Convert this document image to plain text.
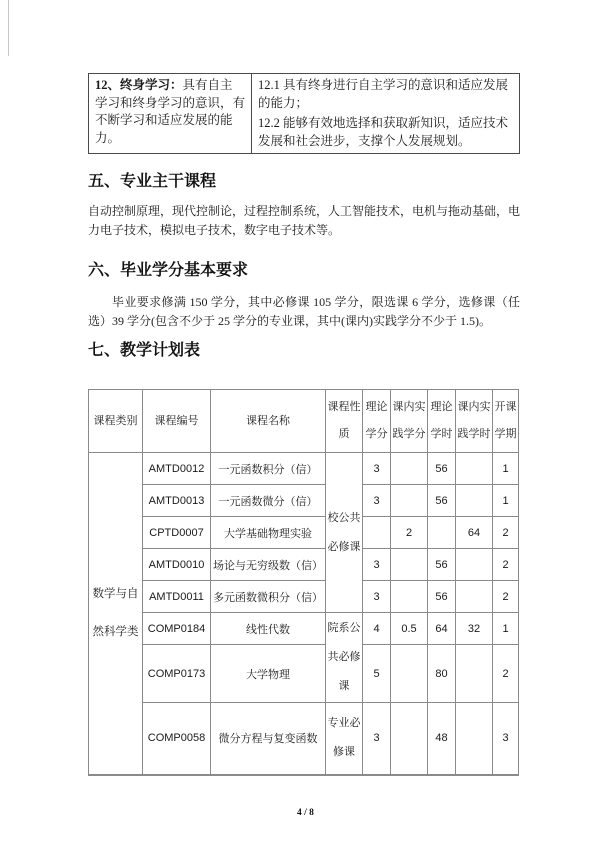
12、终身学习：具有自主学习和终身学习的意识，有不断学习和适应发展的能力。	

12.1 具有终身进行自主学习的意识和适应发展的能力；

12.2 能够有效地选择和获取新知识，适应技术发展和社会进步，支撑个人发展规划。

五、专业主干课程

自动控制原理，现代控制论，过程控制系统，人工智能技术，电机与拖动基础，电力电子技术，模拟电子技术，数字电子技术等。

六、毕业学分基本要求

毕业要求修满 150 学分，其中必修课 105 学分，限选课 6 学分，选修课（任选）39 学分(包含不少于 25 学分的专业课，其中(课内)实践学分不少于 1.5)。

七、教学计划表
课程类别	课程编号	课程名称	课程性质	理论学分	课内实践学分	理论学时	课内实践学时	开课学期
数学与自然科学类	AMTD0012	一元函数积分（信）	校公共必修课	3		56		1
	AMTD0013	一元函数微分（信）		3		56		1
	CPTD0007	大学基础物理实验			2		64	2
	AMTD0010	场论与无穷级数（信）		3		56		2
	AMTD0011	多元函数微积分（信）		3		56		2
	COMP0184	线性代数	院系公共必修课	4	0.5	64	32	1
	COMP0173	大学物理		5		80		2
	COMP0058	微分方程与复变函数	专业必修课	3		48		3
4 / 8
